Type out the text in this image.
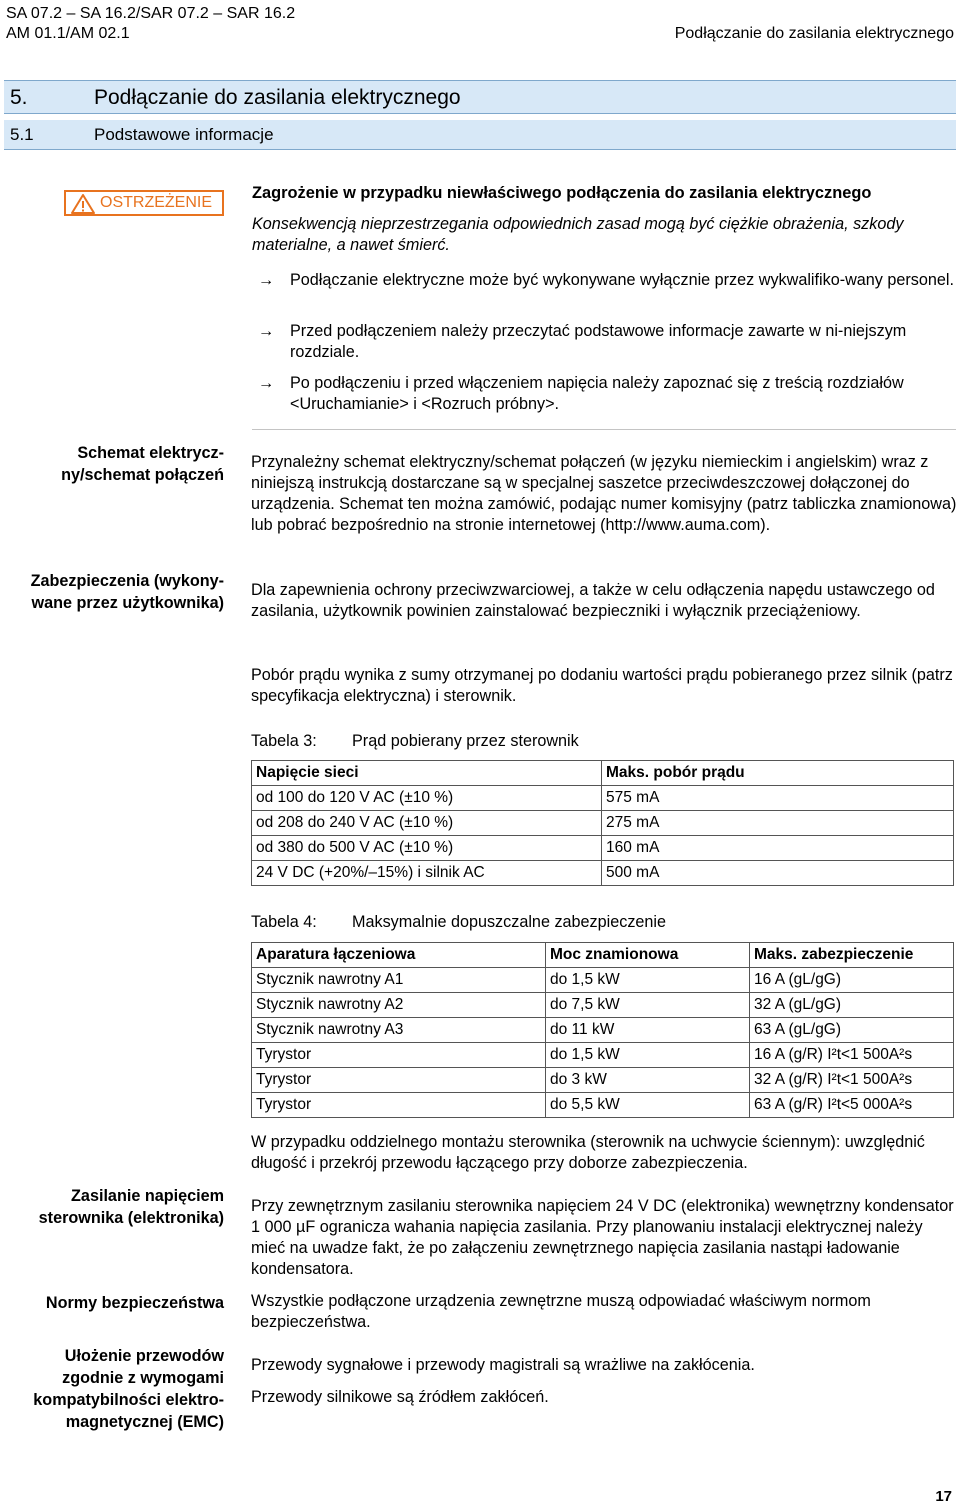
SA 07.2 – SA 16.2/SAR 07.2 – SAR 16.2
AM 01.1/AM 02.1	Podłączanie do zasilania elektrycznego
5.	Podłączanie do zasilania elektrycznego
5.1	Podstawowe informacje
OSTRZEŻENIE
Zagrożenie w przypadku niewłaściwego podłączenia do zasilania elektrycznego
Konsekwencją nieprzestrzegania odpowiednich zasad mogą być ciężkie obrażenia, szkody materialne, a nawet śmierć.
→ Podłączanie elektryczne może być wykonywane wyłącznie przez wykwalifiko-wany personel.
→ Przed podłączeniem należy przeczytać podstawowe informacje zawarte w ni-niejszym rozdziale.
→ Po podłączeniu i przed włączeniem napięcia należy zapoznać się z treścią rozdziałów <Uruchamianie> i <Rozruch próbny>.
Schemat elektrycz-ny/schemat połączeń
Zabezpieczenia (wykony-wane przez użytkownika)
Zasilanie napięciem sterownika (elektronika)
Normy bezpieczeństwa
Ułożenie przewodów zgodnie z wymogami kompatybilności elektro-magnetycznej (EMC)
Przynależny schemat elektryczny/schemat połączeń (w języku niemieckim i angielskim) wraz z niniejszą instrukcją dostarczane są w specjalnej saszetce przeciwdeszczowej dołączonej do urządzenia. Schemat ten można zamówić, podając numer komisyjny (patrz tabliczka znamionowa) lub pobrać bezpośrednio na stronie internetowej (http://www.auma.com).
Dla zapewnienia ochrony przeciwzwarciowej, a także w celu odłączenia napędu ustawczego od zasilania, użytkownik powinien zainstalować bezpieczniki i wyłącznik przeciążeniowy.
Pobór prądu wynika z sumy otrzymanej po dodaniu wartości prądu pobieranego przez silnik (patrz specyfikacja elektryczna) i sterownik.
Tabela 3: Prąd pobierany przez sterownik
Napięcie sieci	Maks. pobór prądu
od 100 do 120 V AC (±10 %)	575 mA
od 208 do 240 V AC (±10 %)	275 mA
od 380 do 500 V AC (±10 %)	160 mA
24 V DC (+20%/–15%) i silnik AC	500 mA
Tabela 4: Maksymalnie dopuszczalne zabezpieczenie
Aparatura łączeniowa	Moc znamionowa	Maks. zabezpieczenie
Stycznik nawrotny A1	do 1,5 kW	16 A (gL/gG)
Stycznik nawrotny A2	do 7,5 kW	32 A (gL/gG)
Stycznik nawrotny A3	do 11 kW	63 A (gL/gG)
Tyrystor	do 1,5 kW	16 A (g/R) I²t<1 500A²s
Tyrystor	do 3 kW	32 A (g/R) I²t<1 500A²s
Tyrystor	do 5,5 kW	63 A (g/R) I²t<5 000A²s
W przypadku oddzielnego montażu sterownika (sterownik na uchwycie ściennym): uwzględnić długość i przekrój przewodu łączącego przy doborze zabezpieczenia.
Przy zewnętrznym zasilaniu sterownika napięciem 24 V DC (elektronika) wewnętrzny kondensator 1 000 µF ogranicza wahania napięcia zasilania. Przy planowaniu instalacji elektrycznej należy mieć na uwadze fakt, że po załączeniu zewnętrznego napięcia zasilania nastąpi ładowanie kondensatora.
Wszystkie podłączone urządzenia zewnętrzne muszą odpowiadać właściwym normom bezpieczeństwa.
Przewody sygnałowe i przewody magistrali są wrażliwe na zakłócenia.
Przewody silnikowe są źródłem zakłóceń.
17
